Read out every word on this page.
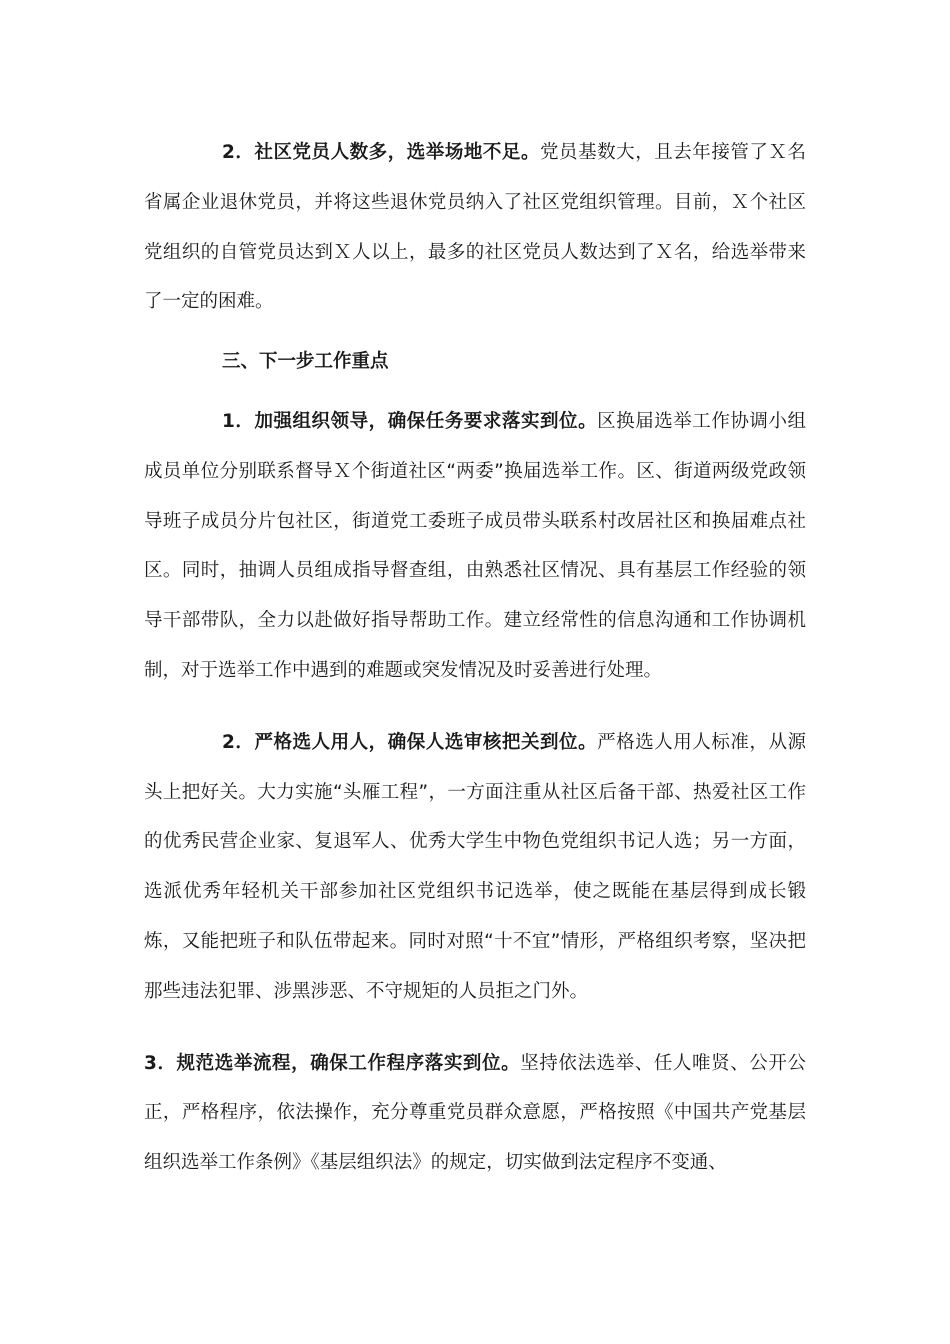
2．社区党员人数多，选举场地不足。党员基数大，且去年接管了Ｘ名省属企业退休党员，并将这些退休党员纳入了社区党组织管理。目前，Ｘ个社区党组织的自管党员达到Ｘ人以上，最多的社区党员人数达到了Ｘ名，给选举带来了一定的困难。

三、下一步工作重点

1．加强组织领导，确保任务要求落实到位。区换届选举工作协调小组成员单位分别联系督导Ｘ个街道社区“两委”换届选举工作。区、街道两级党政领导班子成员分片包社区，街道党工委班子成员带头联系村改居社区和换届难点社区。同时，抽调人员组成指导督查组，由熟悉社区情况、具有基层工作经验的领导干部带队，全力以赴做好指导帮助工作。建立经常性的信息沟通和工作协调机制，对于选举工作中遇到的难题或突发情况及时妥善进行处理。

2．严格选人用人，确保人选审核把关到位。严格选人用人标准，从源头上把好关。大力实施“头雁工程”，一方面注重从社区后备干部、热爱社区工作的优秀民营企业家、复退军人、优秀大学生中物色党组织书记人选；另一方面，选派优秀年轻机关干部参加社区党组织书记选举，使之既能在基层得到成长锻炼，又能把班子和队伍带起来。同时对照“十不宜”情形，严格组织考察，坚决把那些违法犯罪、涉黑涉恶、不守规矩的人员拒之门外。

3．规范选举流程，确保工作程序落实到位。坚持依法选举、任人唯贤、公开公正，严格程序，依法操作，充分尊重党员群众意愿，严格按照《中国共产党基层组织选举工作条例》《基层组织法》的规定，切实做到法定程序不变通、
